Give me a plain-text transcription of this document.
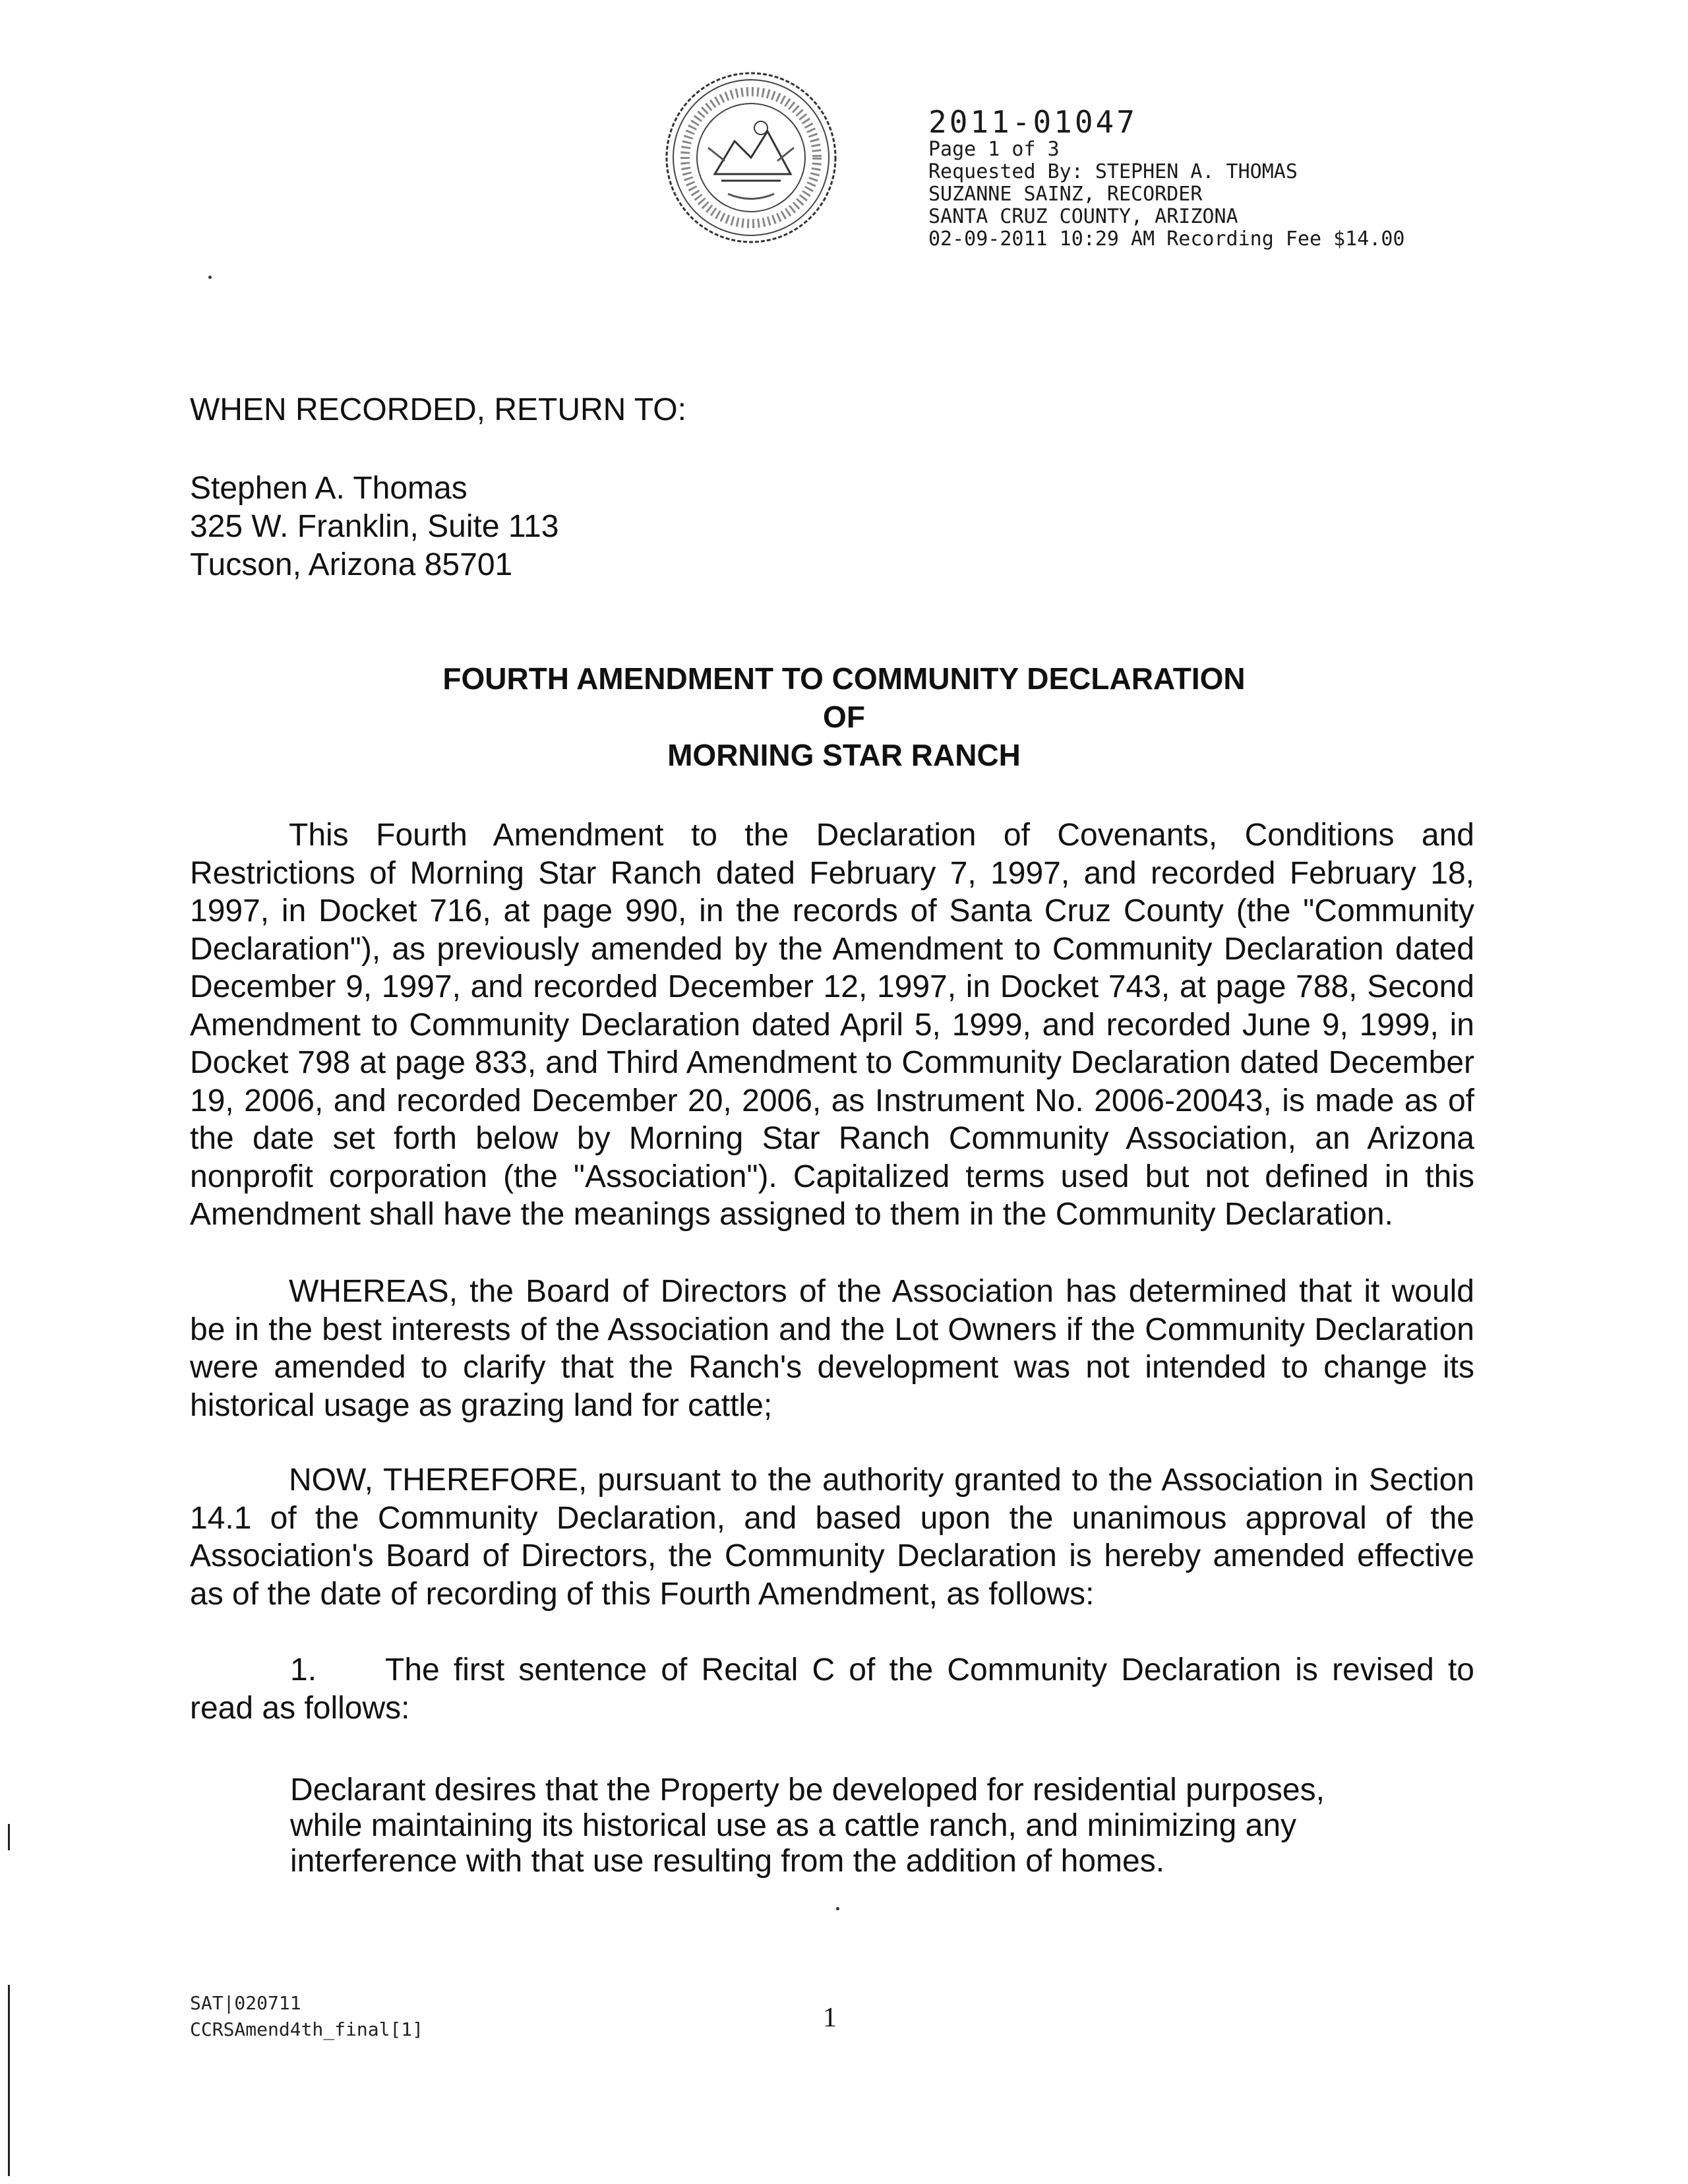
2011-01047
Page 1 of 3
Requested By: STEPHEN A. THOMAS
SUZANNE SAINZ, RECORDER
SANTA CRUZ COUNTY, ARIZONA
02-09-2011 10:29 AM Recording Fee $14.00
WHEN RECORDED, RETURN TO:
Stephen A. Thomas
325 W. Franklin, Suite 113
Tucson, Arizona 85701
FOURTH AMENDMENT TO COMMUNITY DECLARATION
OF
MORNING STAR RANCH
This Fourth Amendment to the Declaration of Covenants, Conditions and Restrictions of Morning Star Ranch dated February 7, 1997, and recorded February 18, 1997, in Docket 716, at page 990, in the records of Santa Cruz County (the "Community Declaration"), as previously amended by the Amendment to Community Declaration dated December 9, 1997, and recorded December 12, 1997, in Docket 743, at page 788, Second Amendment to Community Declaration dated April 5, 1999, and recorded June 9, 1999, in Docket 798 at page 833, and Third Amendment to Community Declaration dated December 19, 2006, and recorded December 20, 2006, as Instrument No. 2006-20043, is made as of the date set forth below by Morning Star Ranch Community Association, an Arizona nonprofit corporation (the "Association"). Capitalized terms used but not defined in this Amendment shall have the meanings assigned to them in the Community Declaration.
WHEREAS, the Board of Directors of the Association has determined that it would be in the best interests of the Association and the Lot Owners if the Community Declaration were amended to clarify that the Ranch's development was not intended to change its historical usage as grazing land for cattle;
NOW, THEREFORE, pursuant to the authority granted to the Association in Section 14.1 of the Community Declaration, and based upon the unanimous approval of the Association's Board of Directors, the Community Declaration is hereby amended effective as of the date of recording of this Fourth Amendment, as follows:
1. The first sentence of Recital C of the Community Declaration is revised to read as follows:
Declarant desires that the Property be developed for residential purposes, while maintaining its historical use as a cattle ranch, and minimizing any interference with that use resulting from the addition of homes.
SAT|020711
CCRSAmend4th_final[1]	1
